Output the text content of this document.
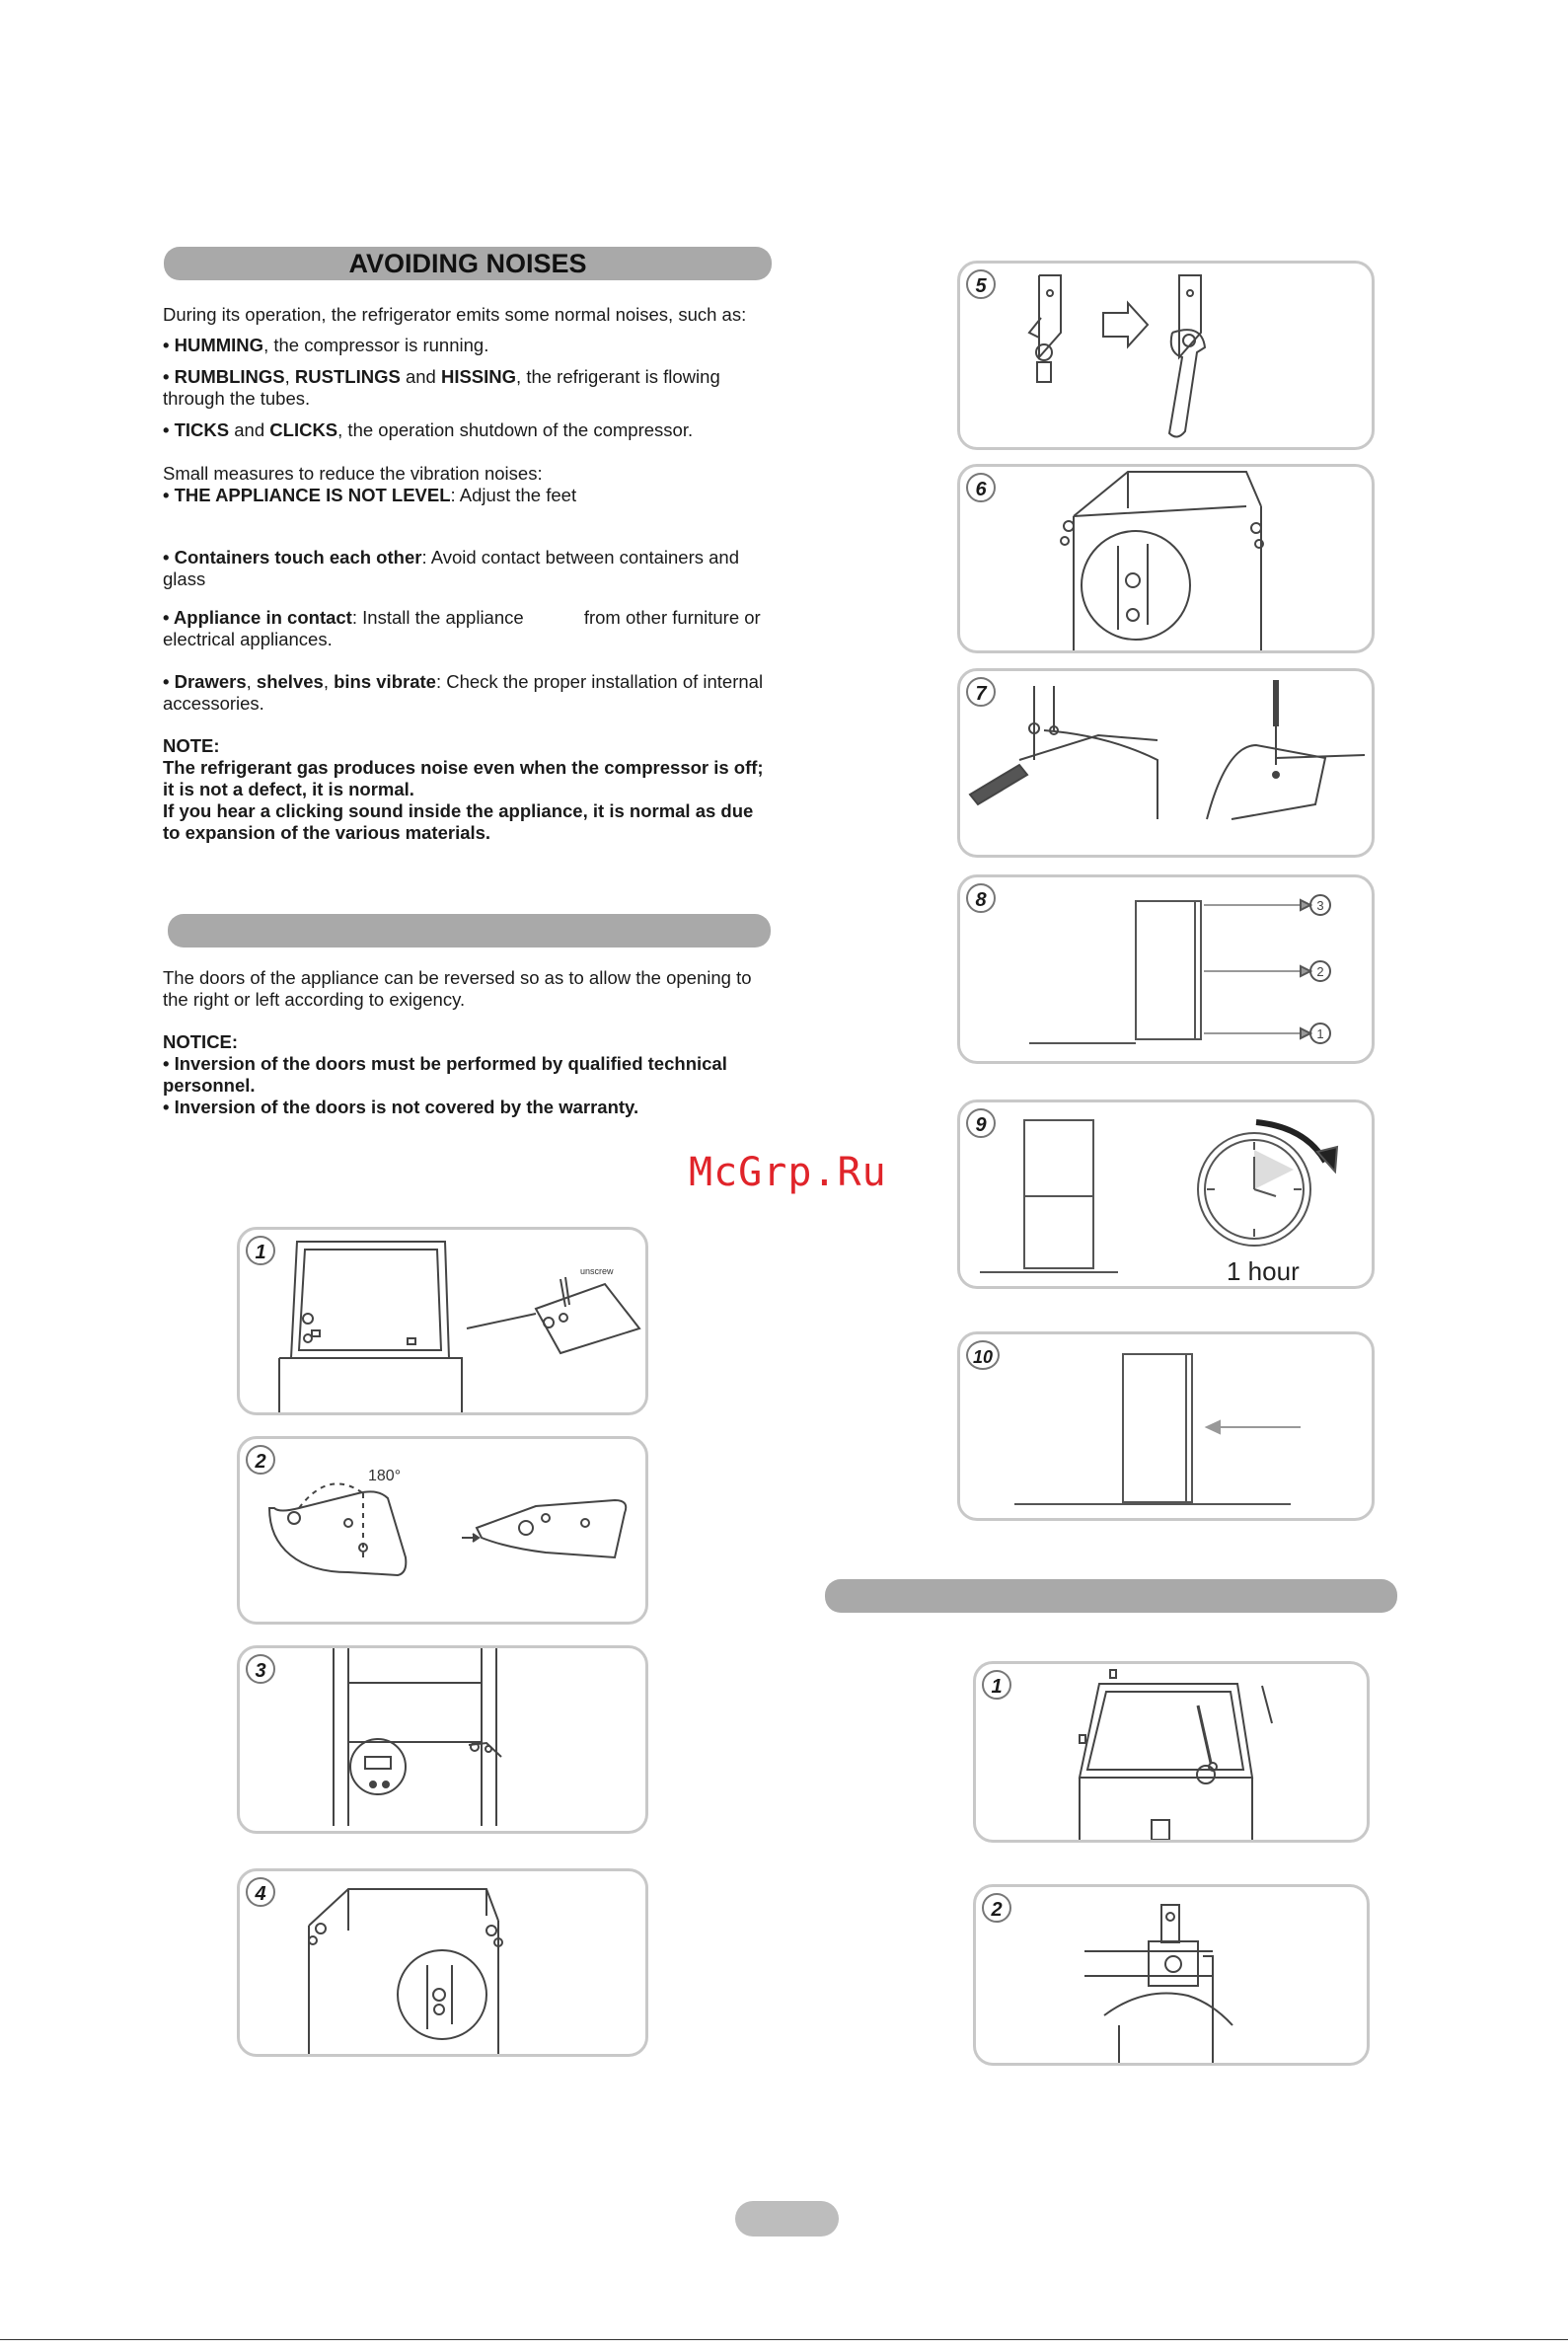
AVOIDING NOISES
During its operation, the refrigerator emits some normal noises, such as:
• HUMMING, the compressor is running.
• RUMBLINGS, RUSTLINGS and HISSING, the refrigerant is flowing through the tubes.
• TICKS and CLICKS, the operation shutdown of the compressor.
Small measures to reduce the vibration noises:
• THE APPLIANCE IS NOT LEVEL: Adjust the feet
• Containers touch each other: Avoid contact between containers and glass
• Appliance in contact: Install the appliance	from other furniture or electrical appliances.
• Drawers, shelves, bins vibrate: Check the proper installation of internal accessories.
NOTE:
The refrigerant gas produces noise even when the compressor is off; it is not a defect, it is normal.
If you hear a clicking sound inside the appliance, it is normal as due to expansion of the various materials.
The doors of the appliance can be reversed so as to allow the opening to the right or left according to exigency.
NOTICE:
• Inversion of the doors must be performed by qualified technical personnel.
• Inversion of the doors is not covered by the warranty.
McGrp.Ru
1
unscrew
2
180°
3
4
5
6
7
8	3
2
1
9
1 hour
10
1
2
